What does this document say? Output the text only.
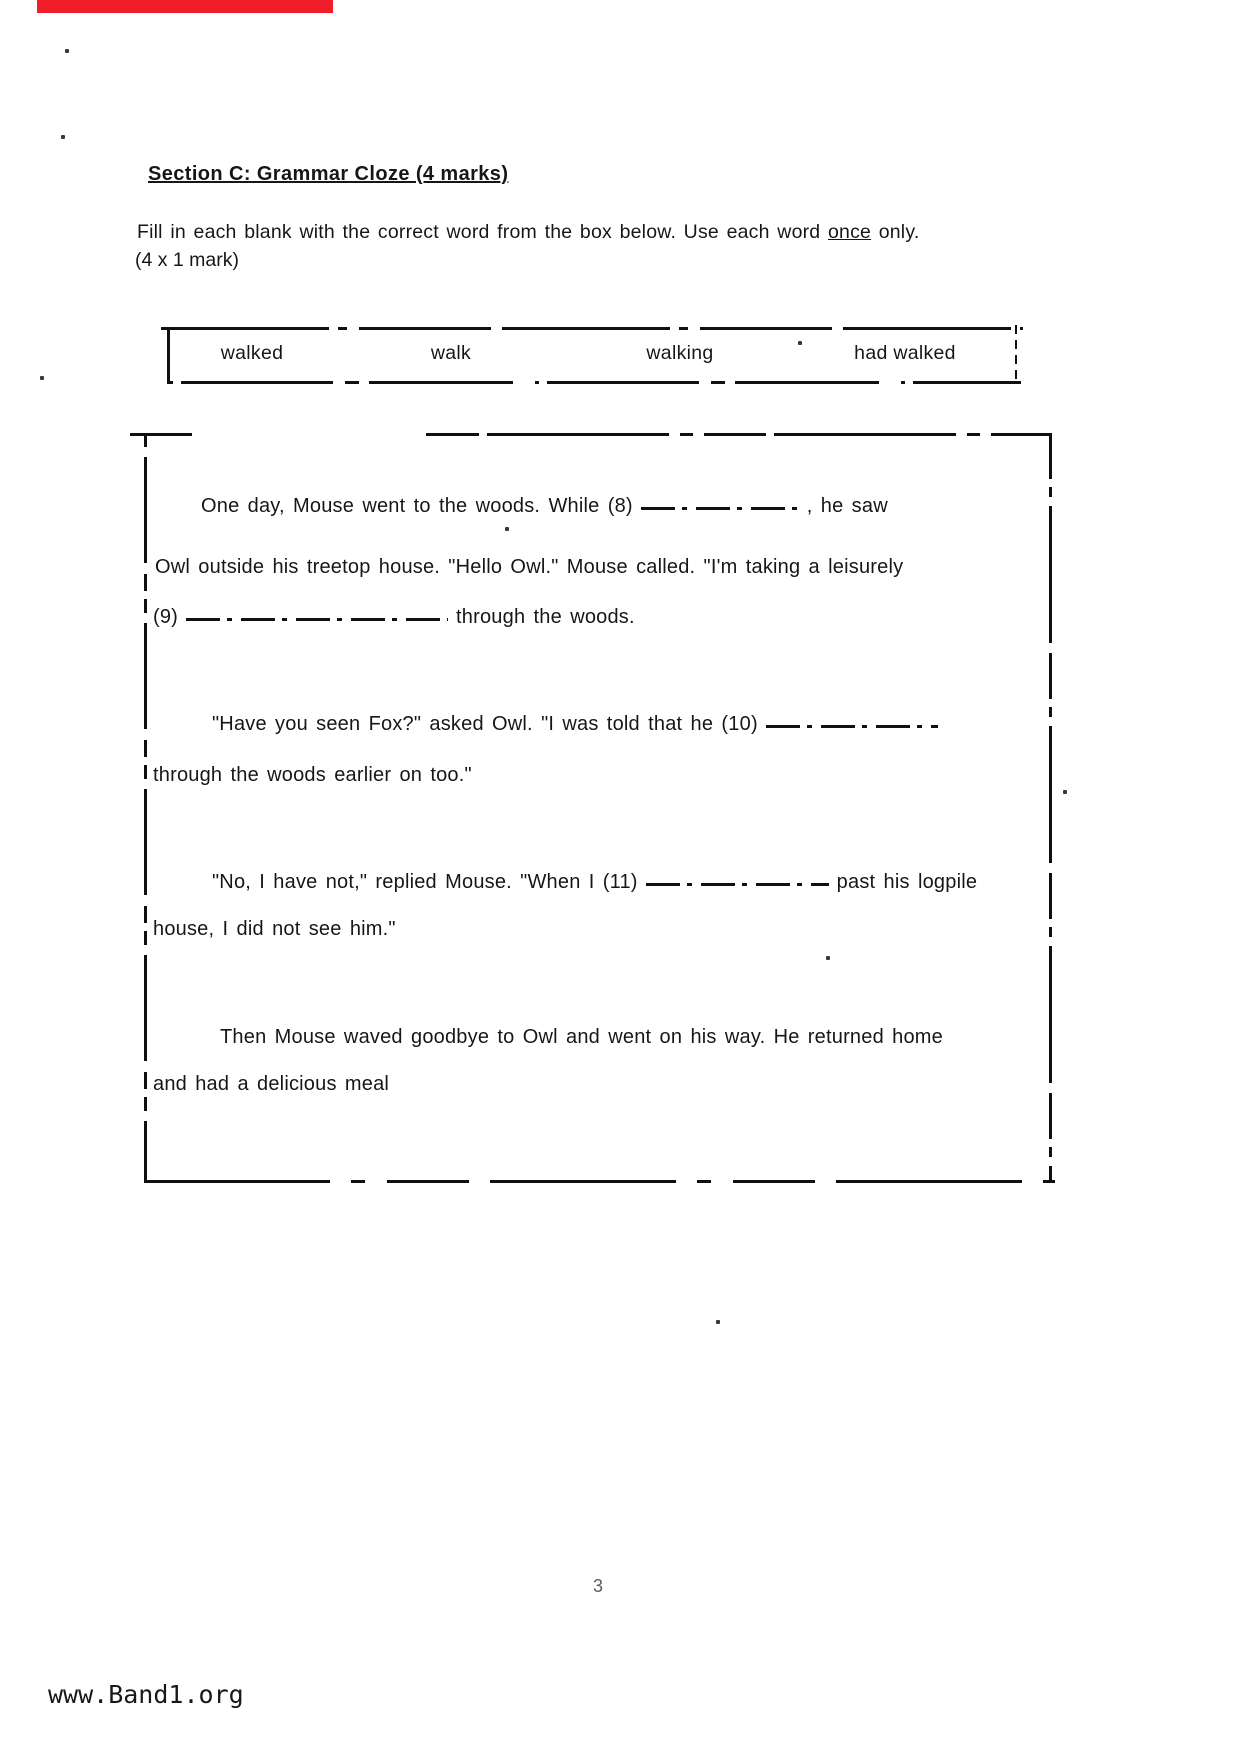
Section C: Grammar Cloze (4 marks)
Fill in each blank with the correct word from the box below. Use each word once only.
(4 x 1 mark)
walked	walk	walking	had walked
One day, Mouse went to the woods. While (8)	, he saw
Owl outside his treetop house. "Hello Owl." Mouse called. "I'm taking a leisurely
(9)	through the woods.
"Have you seen Fox?" asked Owl. "I was told that he (10)
through the woods earlier on too."
"No, I have not," replied Mouse. "When I (11)	past his logpile
house, I did not see him."
Then Mouse waved goodbye to Owl and went on his way. He returned home
and had a delicious meal
3
www.Band1.org
